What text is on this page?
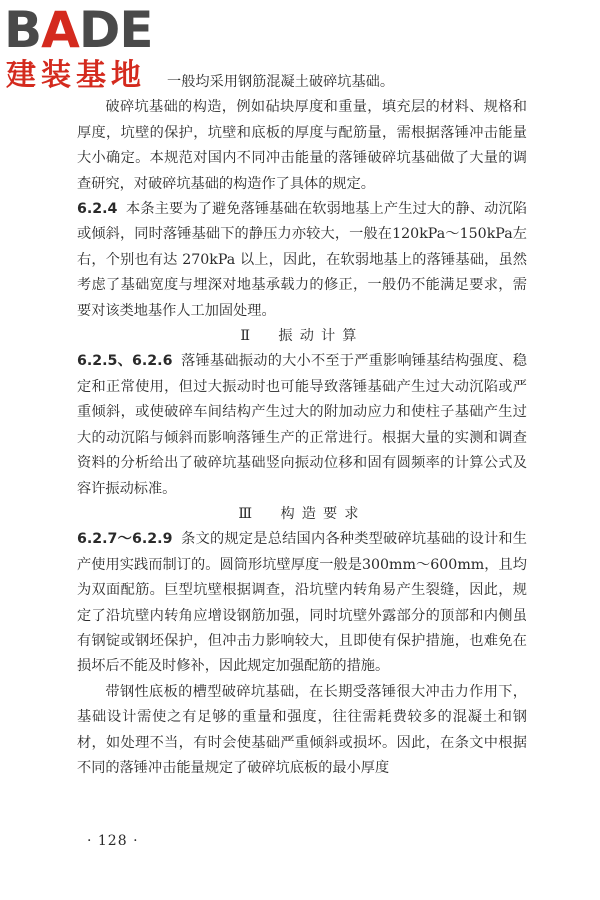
BADE
建装基地	一般均采用钢筋混凝土破碎坑基础。

破碎坑基础的构造，例如砧块厚度和重量，填充层的材料、规格和厚度，坑壁的保护，坑壁和底板的厚度与配筋量，需根据落锤冲击能量大小确定。本规范对国内不同冲击能量的落锤破碎坑基础做了大量的调查研究，对破碎坑基础的构造作了具体的规定。

6.2.4 本条主要为了避免落锤基础在软弱地基上产生过大的静、动沉陷或倾斜，同时落锤基础下的静压力亦较大，一般在120kPa～150kPa左右，个别也有达 270kPa 以上，因此，在软弱地基上的落锤基础，虽然考虑了基础宽度与埋深对地基承载力的修正，一般仍不能满足要求，需要对该类地基作人工加固处理。

Ⅱ　振动计算

6.2.5、6.2.6 落锤基础振动的大小不至于严重影响锤基结构强度、稳定和正常使用，但过大振动时也可能导致落锤基础产生过大动沉陷或严重倾斜，或使破碎车间结构产生过大的附加动应力和使柱子基础产生过大的动沉陷与倾斜而影响落锤生产的正常进行。根据大量的实测和调查资料的分析给出了破碎坑基础竖向振动位移和固有圆频率的计算公式及容许振动标准。

Ⅲ　构造要求

6.2.7～6.2.9 条文的规定是总结国内各种类型破碎坑基础的设计和生产使用实践而制订的。圆筒形坑壁厚度一般是300mm～600mm，且均为双面配筋。巨型坑壁根据调查，沿坑壁内转角易产生裂缝，因此，规定了沿坑壁内转角应增设钢筋加强，同时坑壁外露部分的顶部和内侧虽有钢锭或钢坯保护，但冲击力影响较大，且即使有保护措施，也难免在损坏后不能及时修补，因此规定加强配筋的措施。

带钢性底板的槽型破碎坑基础，在长期受落锤很大冲击力作用下，基础设计需使之有足够的重量和强度，往往需耗费较多的混凝土和钢材，如处理不当，有时会使基础严重倾斜或损坏。因此，在条文中根据不同的落锤冲击能量规定了破碎坑底板的最小厚度

· 128 ·
